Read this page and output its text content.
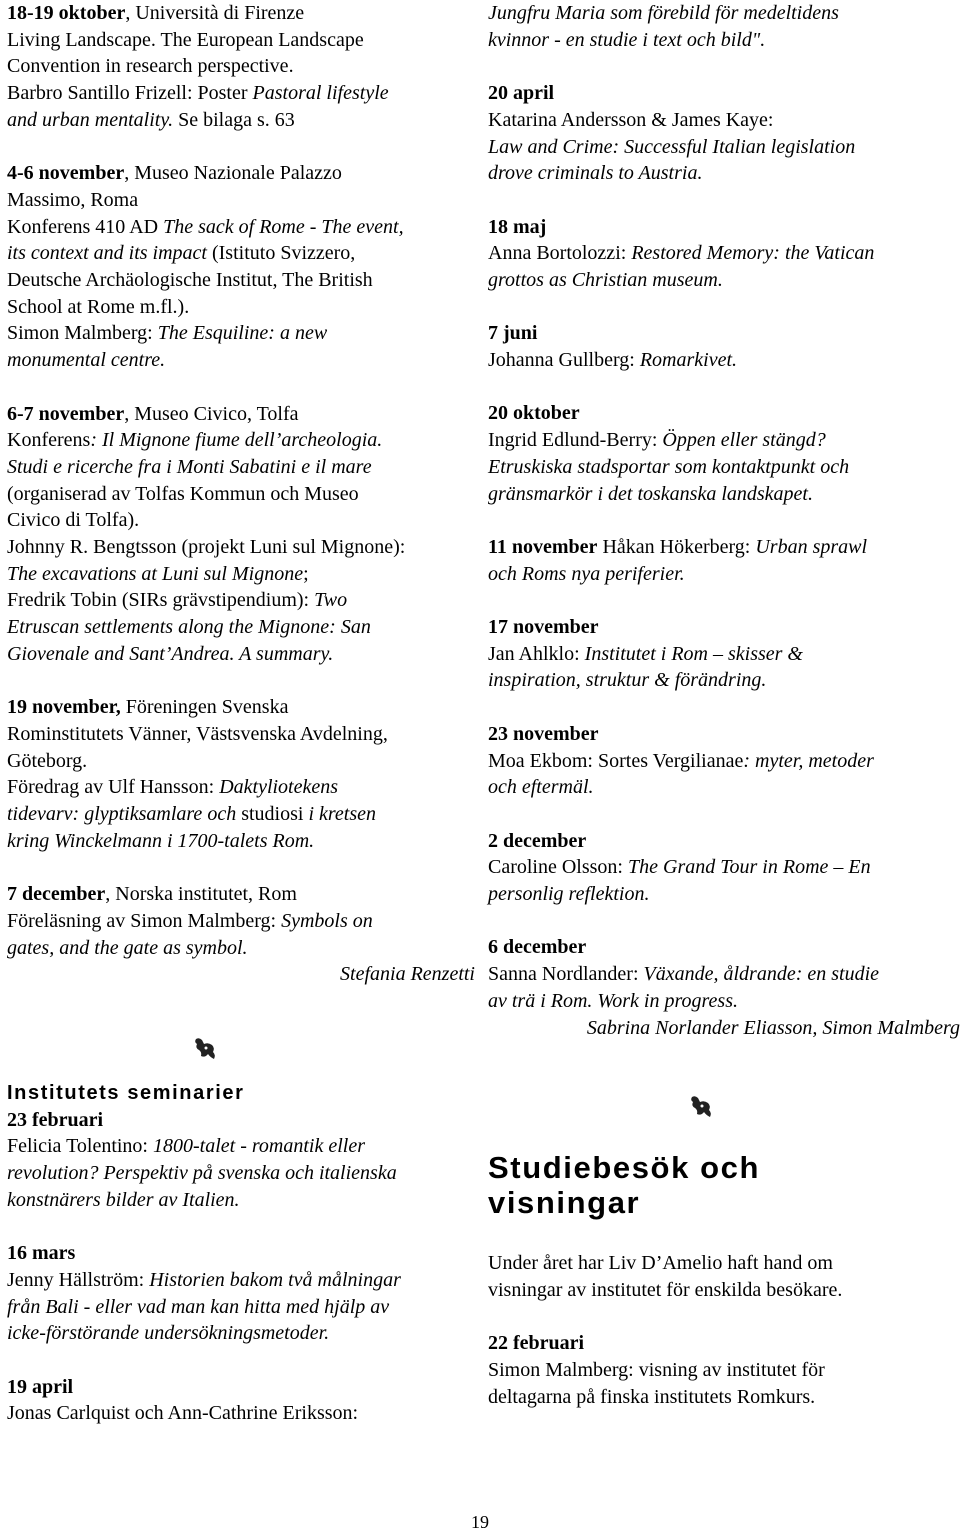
18-19 oktober, Università di Firenze

Living Landscape. The European Landscape

Convention in research perspective.

Barbro Santillo Frizell: Poster Pastoral lifestyle

and urban mentality. Se bilaga s. 63

4-6 november, Museo Nazionale Palazzo

Massimo, Roma

Konferens 410 AD The sack of Rome - The event,

its context and its impact (Istituto Svizzero,

Deutsche Archäologische Institut, The British

School at Rome m.fl.).

Simon Malmberg: The Esquiline: a new

monumental centre.

6-7 november, Museo Civico, Tolfa

Konferens: Il Mignone fiume dell’archeologia.

Studi e ricerche fra i Monti Sabatini e il mare

(organiserad av Tolfas Kommun och Museo

Civico di Tolfa).

Johnny R. Bengtsson (projekt Luni sul Mignone):

The excavations at Luni sul Mignone;

Fredrik Tobin (SIRs grävstipendium): Two

Etruscan settlements along the Mignone: San

Giovenale and Sant’Andrea. A summary.

19 november, Föreningen Svenska

Rominstitutets Vänner, Västsvenska Avdelning,

Göteborg.

Föredrag av Ulf Hansson: Daktyliotekens

tidevarv: glyptiksamlare och studiosi i kretsen

kring Winckelmann i 1700-talets Rom.

7 december, Norska institutet, Rom

Föreläsning av Simon Malmberg: Symbols on

gates, and the gate as symbol.

Stefania Renzetti

Institutets seminarier

23 februari

Felicia Tolentino: 1800-talet - romantik eller

revolution? Perspektiv på svenska och italienska

konstnärers bilder av Italien.

16 mars

Jenny Hällström: Historien bakom två målningar

från Bali - eller vad man kan hitta med hjälp av

icke-förstörande undersökningsmetoder.

19 april

Jonas Carlquist och Ann-Cathrine Eriksson:

Jungfru Maria som förebild för medeltidens

kvinnor - en studie i text och bild".

20 april

Katarina Andersson & James Kaye:

Law and Crime: Successful Italian legislation

drove criminals to Austria.

18 maj

Anna Bortolozzi: Restored Memory: the Vatican

grottos as Christian museum.

7 juni

Johanna Gullberg: Romarkivet.

20 oktober

Ingrid Edlund-Berry: Öppen eller stängd?

Etruskiska stadsportar som kontaktpunkt och

gränsmarkör i det toskanska landskapet.

11 november Håkan Hökerberg: Urban sprawl

och Roms nya periferier.

17 november

Jan Ahlklo: Institutet i Rom – skisser &

inspiration, struktur & förändring.

23 november

Moa Ekbom: Sortes Vergilianae: myter, metoder

och eftermäl.

2 december

Caroline Olsson: The Grand Tour in Rome – En

personlig reflektion.

6 december

Sanna Nordlander: Växande, åldrande: en studie

av trä i Rom. Work in progress.

Sabrina Norlander Eliasson, Simon Malmberg

Studiebesök och
visningar

Under året har Liv D’Amelio haft hand om

visningar av institutet för enskilda besökare.

22 februari

Simon Malmberg: visning av institutet för

deltagarna på finska institutets Romkurs.

19
